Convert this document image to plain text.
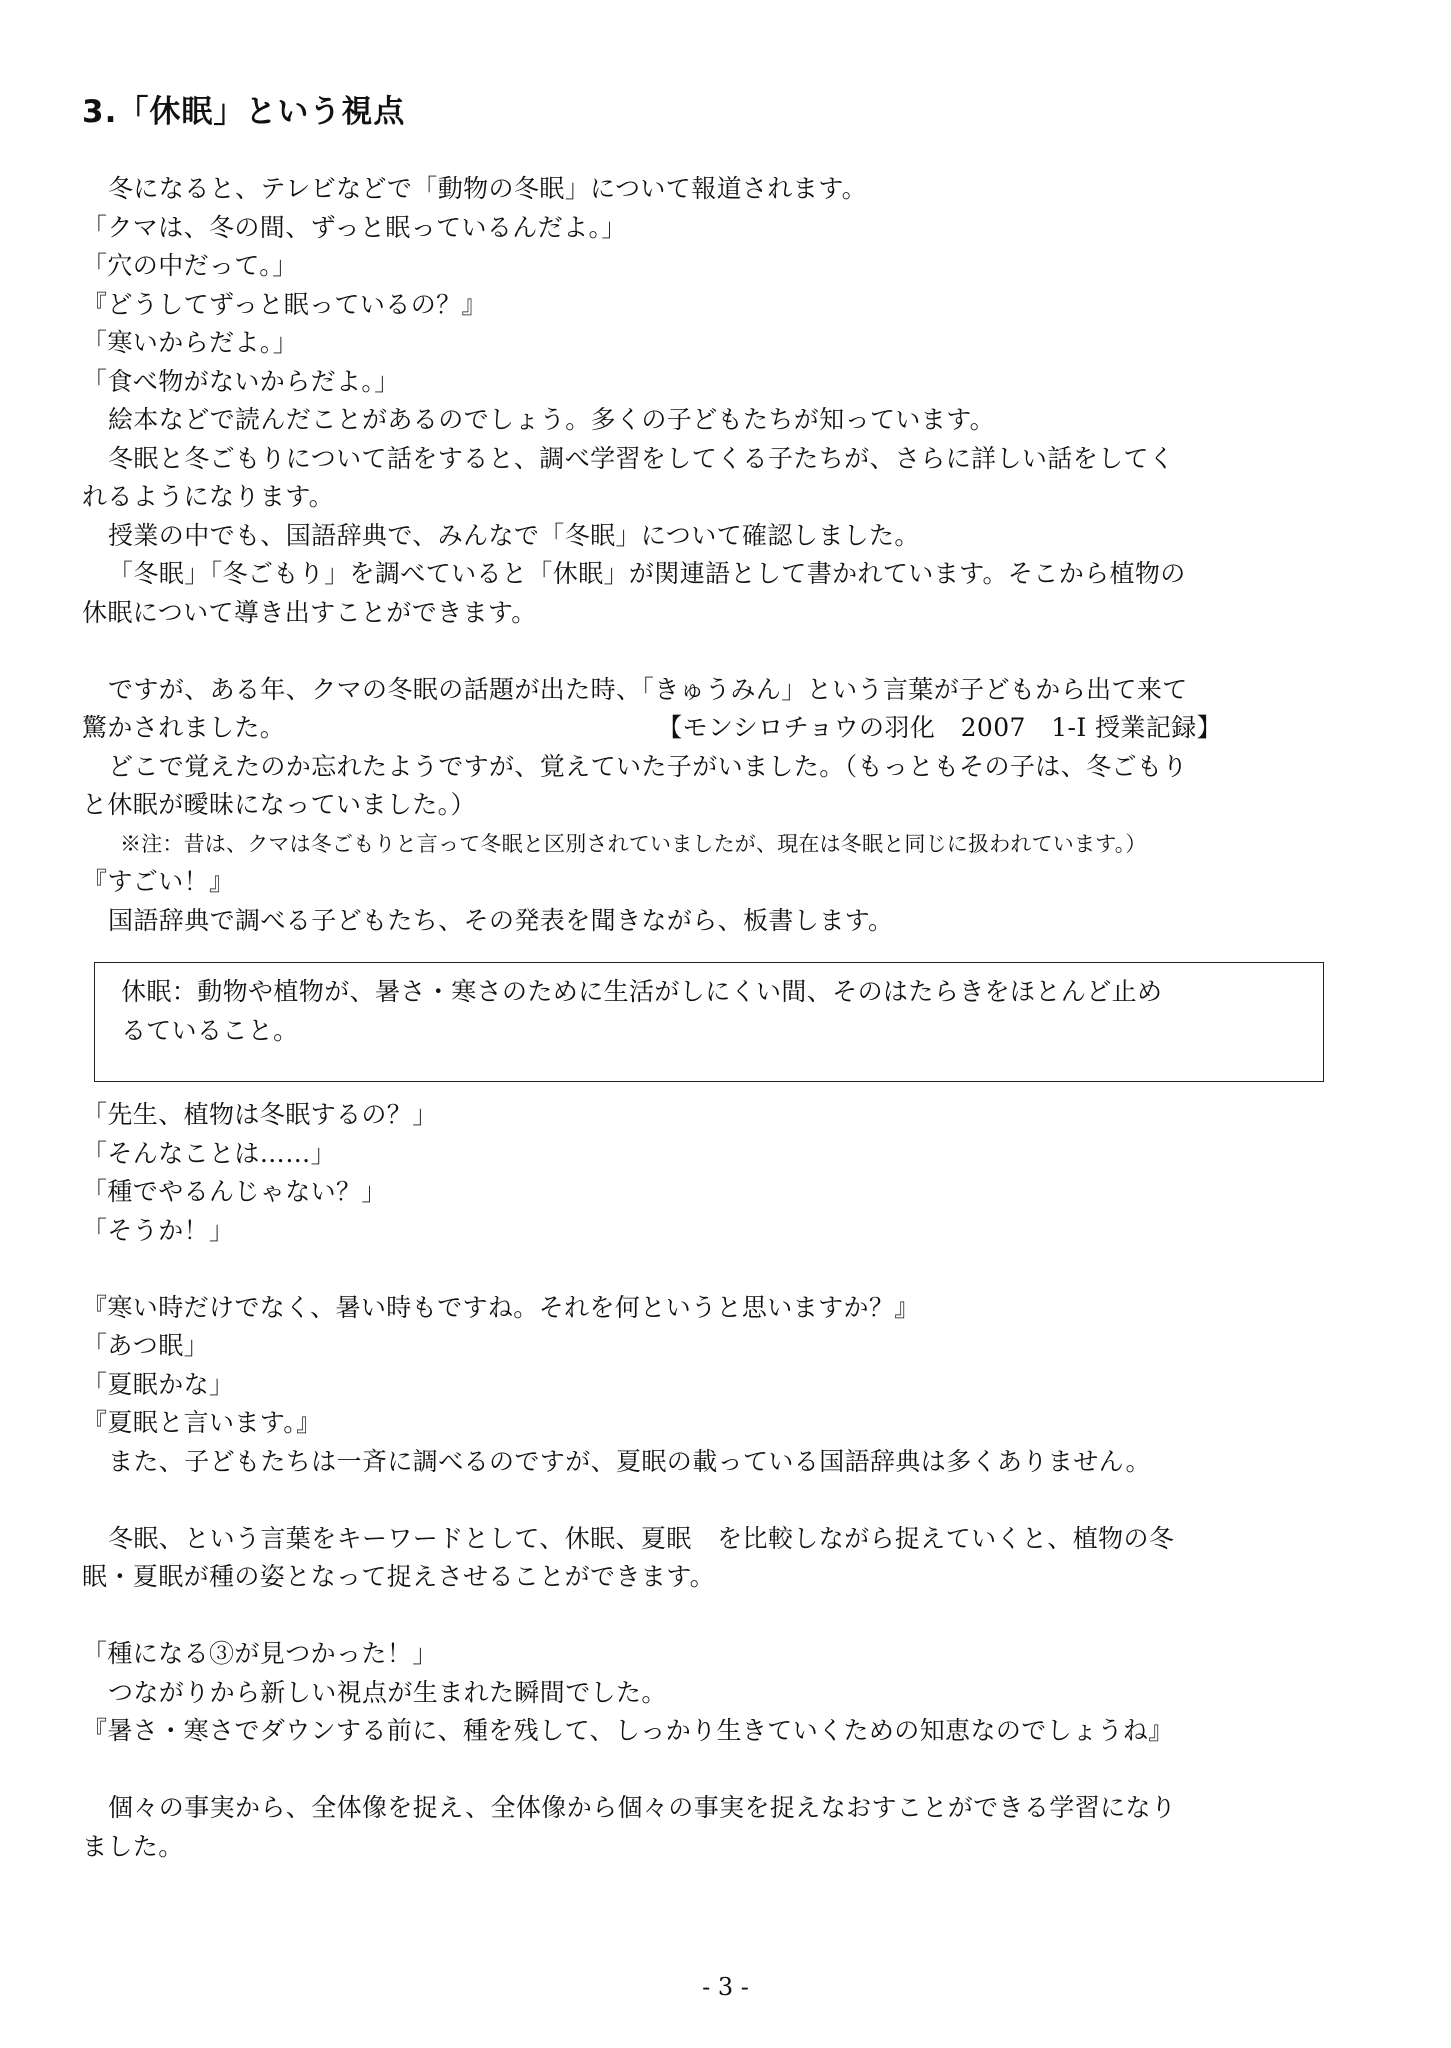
3.「休眠」という視点
冬になると、テレビなどで「動物の冬眠」について報道されます。
「クマは、冬の間、ずっと眠っているんだよ。」
「穴の中だって。」
『どうしてずっと眠っているの？』
「寒いからだよ。」
「食べ物がないからだよ。」
絵本などで読んだことがあるのでしょう。多くの子どもたちが知っています。
冬眠と冬ごもりについて話をすると、調べ学習をしてくる子たちが、さらに詳しい話をしてく
れるようになります。
授業の中でも、国語辞典で、みんなで「冬眠」について確認しました。
「冬眠」「冬ごもり」を調べていると「休眠」が関連語として書かれています。そこから植物の
休眠について導き出すことができます。
ですが、ある年、クマの冬眠の話題が出た時、「きゅうみん」という言葉が子どもから出て来て
驚かされました。	【モンシロチョウの羽化　2007　1-I 授業記録】
どこで覚えたのか忘れたようですが、覚えていた子がいました。（もっともその子は、冬ごもり
と休眠が曖昧になっていました。）
※注：昔は、クマは冬ごもりと言って冬眠と区別されていましたが、現在は冬眠と同じに扱われています。）
『すごい！』
国語辞典で調べる子どもたち、その発表を聞きながら、板書します。
休眠：動物や植物が、暑さ・寒さのために生活がしにくい間、そのはたらきをほとんど止め
るていること。
「先生、植物は冬眠するの？」
「そんなことは……」
「種でやるんじゃない？」
「そうか！」
『寒い時だけでなく、暑い時もですね。それを何というと思いますか？』
「あつ眠」
「夏眠かな」
『夏眠と言います。』
また、子どもたちは一斉に調べるのですが、夏眠の載っている国語辞典は多くありません。
冬眠、という言葉をキーワードとして、休眠、夏眠　を比較しながら捉えていくと、植物の冬
眠・夏眠が種の姿となって捉えさせることができます。
「種になる③が見つかった！」
つながりから新しい視点が生まれた瞬間でした。
『暑さ・寒さでダウンする前に、種を残して、しっかり生きていくための知恵なのでしょうね』
個々の事実から、全体像を捉え、全体像から個々の事実を捉えなおすことができる学習になり
ました。
- 3 -
